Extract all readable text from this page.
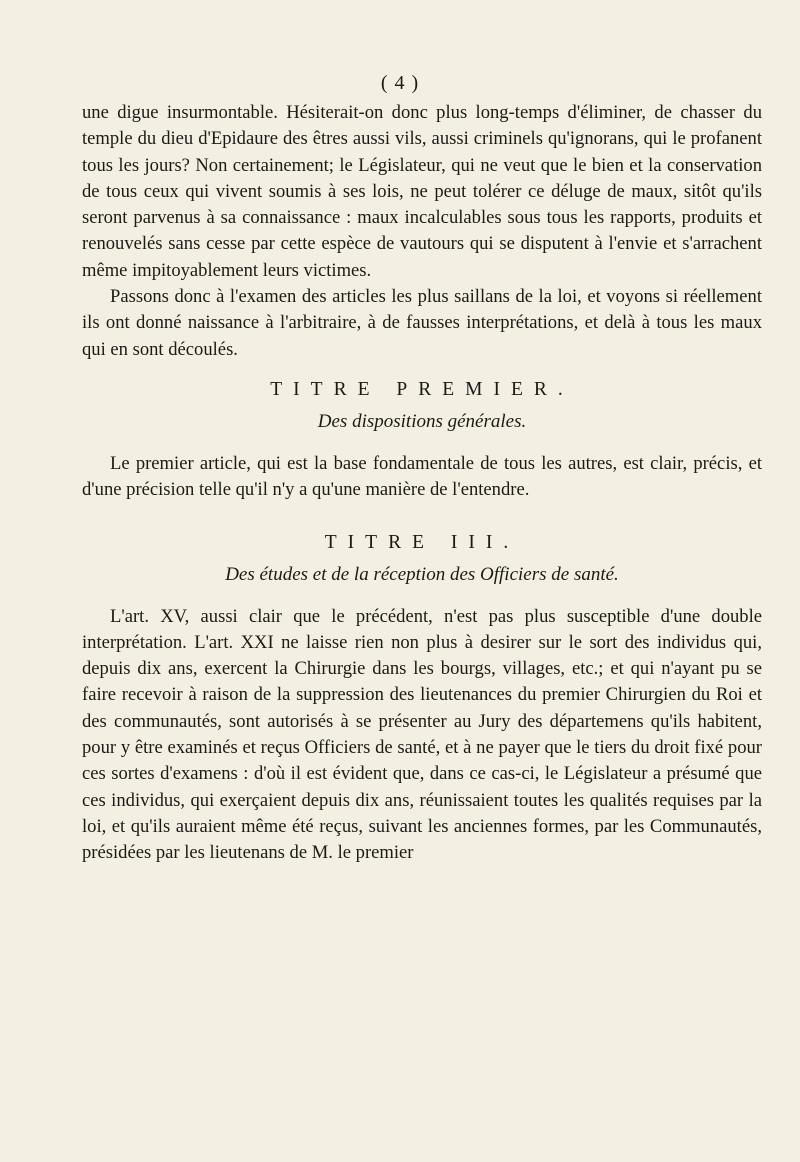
( 4 )

une digue insurmontable. Hésiterait-on donc plus long-temps d'éliminer, de chasser du temple du dieu d'Epidaure des êtres aussi vils, aussi criminels qu'ignorans, qui le profanent tous les jours? Non certainement; le Législateur, qui ne veut que le bien et la conservation de tous ceux qui vivent soumis à ses lois, ne peut tolérer ce déluge de maux, sitôt qu'ils seront parvenus à sa connaissance : maux incalculables sous tous les rapports, produits et renouvelés sans cesse par cette espèce de vautours qui se disputent à l'envie et s'arrachent même impitoyablement leurs victimes.

Passons donc à l'examen des articles les plus saillans de la loi, et voyons si réellement ils ont donné naissance à l'arbitraire, à de fausses interprétations, et delà à tous les maux qui en sont découlés.

TITRE PREMIER.
Des dispositions générales.

Le premier article, qui est la base fondamentale de tous les autres, est clair, précis, et d'une précision telle qu'il n'y a qu'une manière de l'entendre.

TITRE III.
Des études et de la réception des Officiers de santé.

L'art. XV, aussi clair que le précédent, n'est pas plus susceptible d'une double interprétation. L'art. XXI ne laisse rien non plus à desirer sur le sort des individus qui, depuis dix ans, exercent la Chirurgie dans les bourgs, villages, etc.; et qui n'ayant pu se faire recevoir à raison de la suppression des lieutenances du premier Chirurgien du Roi et des communautés, sont autorisés à se présenter au Jury des départemens qu'ils habitent, pour y être examinés et reçus Officiers de santé, et à ne payer que le tiers du droit fixé pour ces sortes d'examens : d'où il est évident que, dans ce cas-ci, le Législateur a présumé que ces individus, qui exerçaient depuis dix ans, réunissaient toutes les qualités requises par la loi, et qu'ils auraient même été reçus, suivant les anciennes formes, par les Communautés, présidées par les lieutenans de M. le premier
